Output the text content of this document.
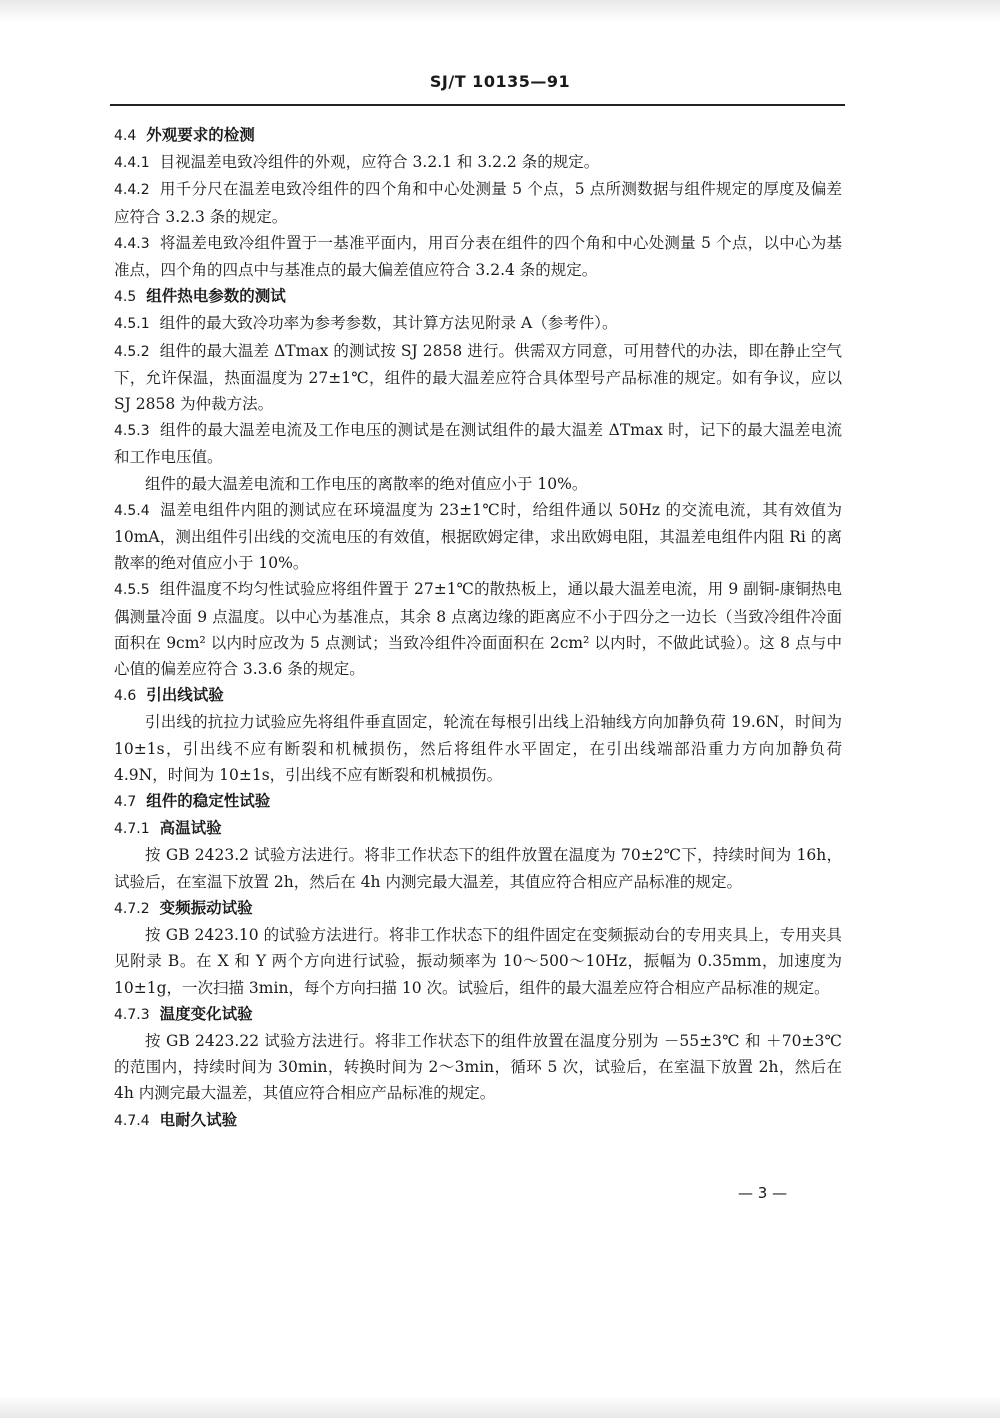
SJ/T 10135—91

4.4 外观要求的检测

4.4.1 目视温差电致冷组件的外观，应符合 3.2.1 和 3.2.2 条的规定。

4.4.2 用千分尺在温差电致冷组件的四个角和中心处测量 5 个点，5 点所测数据与组件规定的厚度及偏差应符合 3.2.3 条的规定。

4.4.3 将温差电致冷组件置于一基准平面内，用百分表在组件的四个角和中心处测量 5 个点，以中心为基准点，四个角的四点中与基准点的最大偏差值应符合 3.2.4 条的规定。

4.5 组件热电参数的测试

4.5.1 组件的最大致冷功率为参考参数，其计算方法见附录 A（参考件）。

4.5.2 组件的最大温差 ΔTmax 的测试按 SJ 2858 进行。供需双方同意，可用替代的办法，即在静止空气下，允许保温，热面温度为 27±1℃，组件的最大温差应符合具体型号产品标准的规定。如有争议，应以 SJ 2858 为仲裁方法。

4.5.3 组件的最大温差电流及工作电压的测试是在测试组件的最大温差 ΔTmax 时，记下的最大温差电流和工作电压值。

组件的最大温差电流和工作电压的离散率的绝对值应小于 10%。

4.5.4 温差电组件内阻的测试应在环境温度为 23±1℃时，给组件通以 50Hz 的交流电流，其有效值为 10mA，测出组件引出线的交流电压的有效值，根据欧姆定律，求出欧姆电阻，其温差电组件内阻 Ri 的离散率的绝对值应小于 10%。

4.5.5 组件温度不均匀性试验应将组件置于 27±1℃的散热板上，通以最大温差电流，用 9 副铜-康铜热电偶测量冷面 9 点温度。以中心为基准点，其余 8 点离边缘的距离应不小于四分之一边长（当致冷组件冷面面积在 9cm² 以内时应改为 5 点测试；当致冷组件冷面面积在 2cm² 以内时，不做此试验）。这 8 点与中心值的偏差应符合 3.3.6 条的规定。

4.6 引出线试验

引出线的抗拉力试验应先将组件垂直固定，轮流在每根引出线上沿轴线方向加静负荷 19.6N，时间为 10±1s，引出线不应有断裂和机械损伤，然后将组件水平固定，在引出线端部沿重力方向加静负荷 4.9N，时间为 10±1s，引出线不应有断裂和机械损伤。

4.7 组件的稳定性试验

4.7.1 高温试验

按 GB 2423.2 试验方法进行。将非工作状态下的组件放置在温度为 70±2℃下，持续时间为 16h，试验后，在室温下放置 2h，然后在 4h 内测完最大温差，其值应符合相应产品标准的规定。

4.7.2 变频振动试验

按 GB 2423.10 的试验方法进行。将非工作状态下的组件固定在变频振动台的专用夹具上，专用夹具见附录 B。在 X 和 Y 两个方向进行试验，振动频率为 10～500～10Hz，振幅为 0.35mm，加速度为 10±1g，一次扫描 3min，每个方向扫描 10 次。试验后，组件的最大温差应符合相应产品标准的规定。

4.7.3 温度变化试验

按 GB 2423.22 试验方法进行。将非工作状态下的组件放置在温度分别为 －55±3℃ 和 ＋70±3℃的范围内，持续时间为 30min，转换时间为 2～3min，循环 5 次，试验后，在室温下放置 2h，然后在 4h 内测完最大温差，其值应符合相应产品标准的规定。

4.7.4 电耐久试验

— 3 —
